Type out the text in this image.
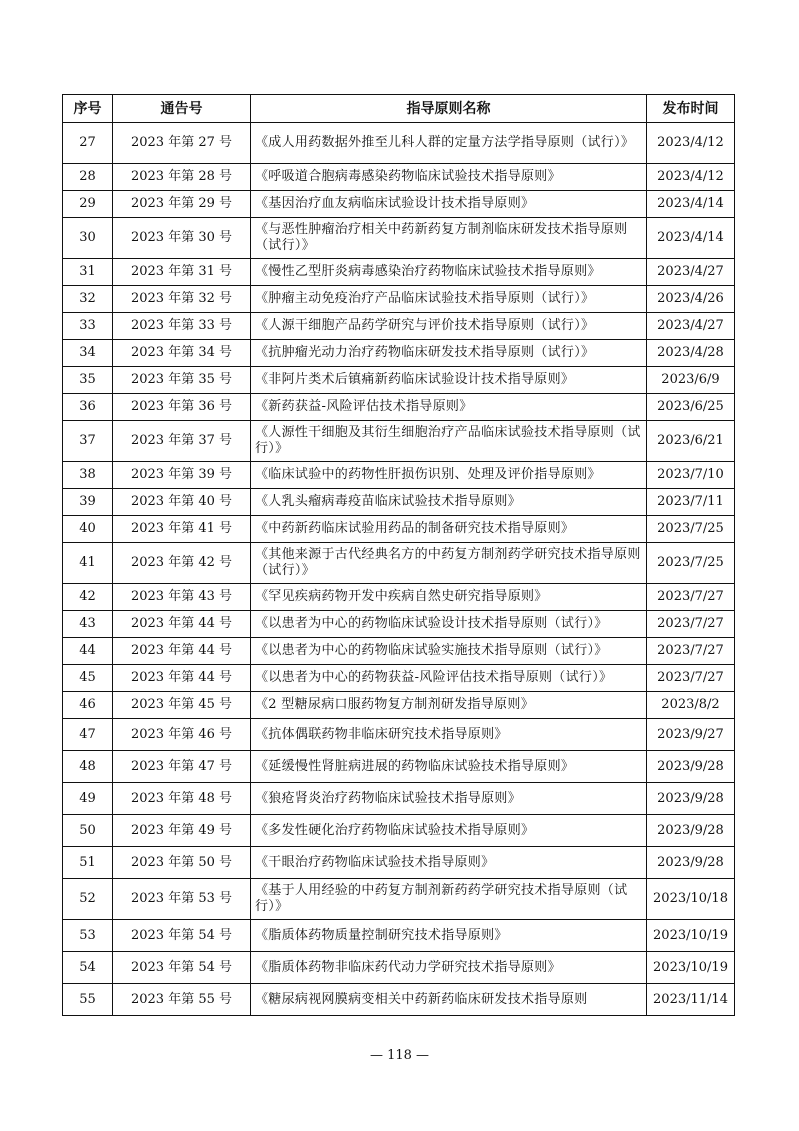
序号	通告号	指导原则名称	发布时间
27	2023 年第 27 号	《成人用药数据外推至儿科人群的定量方法学指导原则（试行）》	2023/4/12
28	2023 年第 28 号	《呼吸道合胞病毒感染药物临床试验技术指导原则》	2023/4/12
29	2023 年第 29 号	《基因治疗血友病临床试验设计技术指导原则》	2023/4/14
30	2023 年第 30 号	《与恶性肿瘤治疗相关中药新药复方制剂临床研发技术指导原则（试行）》	2023/4/14
31	2023 年第 31 号	《慢性乙型肝炎病毒感染治疗药物临床试验技术指导原则》	2023/4/27
32	2023 年第 32 号	《肿瘤主动免疫治疗产品临床试验技术指导原则（试行）》	2023/4/26
33	2023 年第 33 号	《人源干细胞产品药学研究与评价技术指导原则（试行）》	2023/4/27
34	2023 年第 34 号	《抗肿瘤光动力治疗药物临床研发技术指导原则（试行）》	2023/4/28
35	2023 年第 35 号	《非阿片类术后镇痛新药临床试验设计技术指导原则》	2023/6/9
36	2023 年第 36 号	《新药获益-风险评估技术指导原则》	2023/6/25
37	2023 年第 37 号	《人源性干细胞及其衍生细胞治疗产品临床试验技术指导原则（试行）》	2023/6/21
38	2023 年第 39 号	《临床试验中的药物性肝损伤识别、处理及评价指导原则》	2023/7/10
39	2023 年第 40 号	《人乳头瘤病毒疫苗临床试验技术指导原则》	2023/7/11
40	2023 年第 41 号	《中药新药临床试验用药品的制备研究技术指导原则》	2023/7/25
41	2023 年第 42 号	《其他来源于古代经典名方的中药复方制剂药学研究技术指导原则（试行）》	2023/7/25
42	2023 年第 43 号	《罕见疾病药物开发中疾病自然史研究指导原则》	2023/7/27
43	2023 年第 44 号	《以患者为中心的药物临床试验设计技术指导原则（试行）》	2023/7/27
44	2023 年第 44 号	《以患者为中心的药物临床试验实施技术指导原则（试行）》	2023/7/27
45	2023 年第 44 号	《以患者为中心的药物获益-风险评估技术指导原则（试行）》	2023/7/27
46	2023 年第 45 号	《2 型糖尿病口服药物复方制剂研发指导原则》	2023/8/2
47	2023 年第 46 号	《抗体偶联药物非临床研究技术指导原则》	2023/9/27
48	2023 年第 47 号	《延缓慢性肾脏病进展的药物临床试验技术指导原则》	2023/9/28
49	2023 年第 48 号	《狼疮肾炎治疗药物临床试验技术指导原则》	2023/9/28
50	2023 年第 49 号	《多发性硬化治疗药物临床试验技术指导原则》	2023/9/28
51	2023 年第 50 号	《干眼治疗药物临床试验技术指导原则》	2023/9/28
52	2023 年第 53 号	《基于人用经验的中药复方制剂新药药学研究技术指导原则（试行）》	2023/10/18
53	2023 年第 54 号	《脂质体药物质量控制研究技术指导原则》	2023/10/19
54	2023 年第 54 号	《脂质体药物非临床药代动力学研究技术指导原则》	2023/10/19
55	2023 年第 55 号	《糖尿病视网膜病变相关中药新药临床研发技术指导原则	2023/11/14
— 118 —
